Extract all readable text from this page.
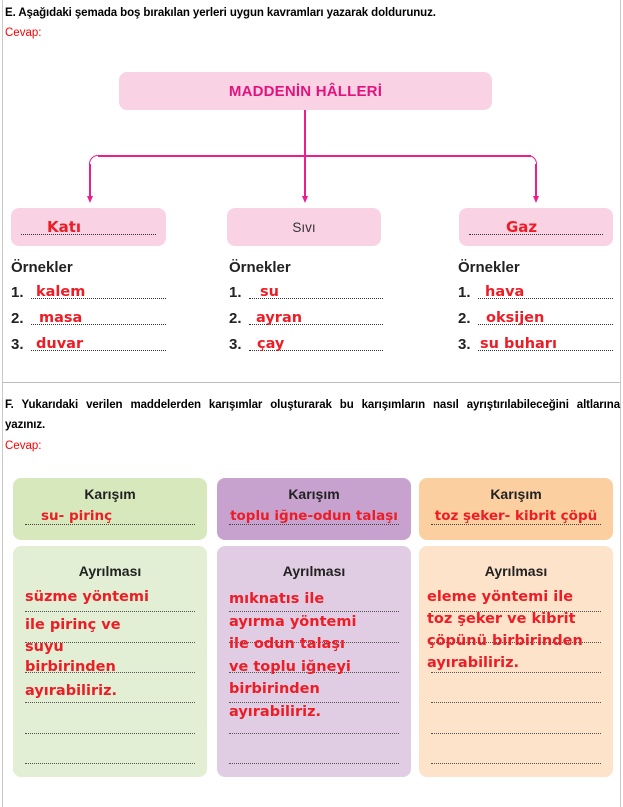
E. Aşağıdaki şemada boş bırakılan yerleri uygun kavramları yazarak doldurunuz.
Cevap:
MADDENİN HÂLLERİ
Katı	Sıvı	Gaz
Örnekler
1. kalem
2. masa
3. duvar
Örnekler
1. su
2. ayran
3. çay
Örnekler
1. hava
2. oksijen
3. su buharı
F. Yukarıdaki verilen maddelerden karışımlar oluşturarak bu karışımların nasıl ayrıştırılabileceğini altlarına
yazınız.
Cevap:
Karışım
su- pirinç
Karışım
toplu iğne-odun talaşı
Karışım
toz şeker- kibrit çöpü
Ayrılması
süzme yöntemi
ile pirinç ve
suyu
birbirinden
ayırabiliriz.
Ayrılması
mıknatıs ile
ayırma yöntemi
ile odun talaşı
ve toplu iğneyi
birbirinden
ayırabiliriz.
Ayrılması
eleme yöntemi ile
toz şeker ve kibrit
çöpünü birbirinden
ayırabiliriz.
